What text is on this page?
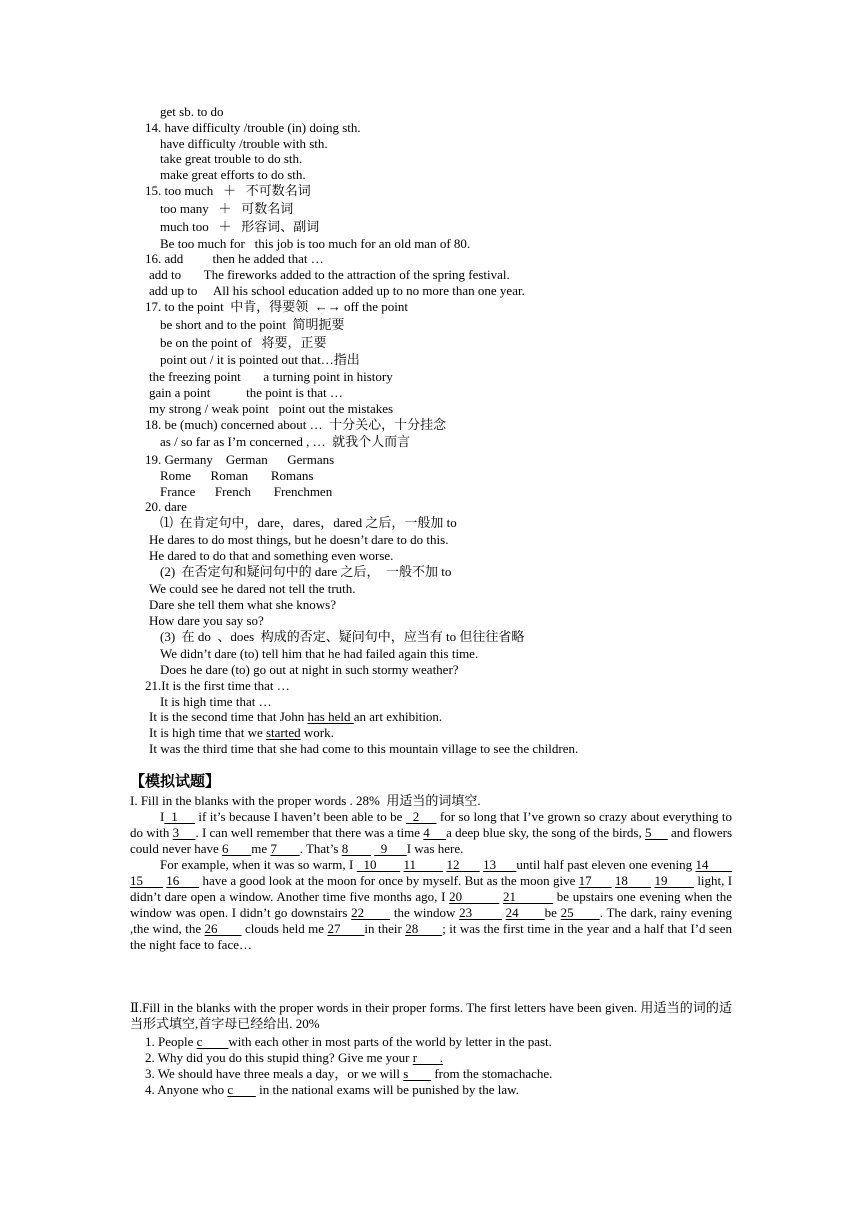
get sb. to do
14. have difficulty /trouble (in) doing sth.
have difficulty /trouble with sth.
take great trouble to do sth.
make great efforts to do sth.
15. too much   ＋   不可数名词
too many   ＋   可数名词
much too   ＋   形容词、副词
Be too much for   this job is too much for an old man of 80.
16. add         then he added that …
add to       The fireworks added to the attraction of the spring festival.
add up to     All his school education added up to no more than one year.
17. to the point  中肯，得要领  ←→ off the point
be short and to the point  简明扼要
be on the point of   将要，正要
point out / it is pointed out that…指出
the freezing point       a turning point in history
gain a point           the point is that …
my strong / weak point   point out the mistakes
18. be (much) concerned about …  十分关心，十分挂念
as / so far as I’m concerned , …  就我个人而言
19. Germany    German      Germans
Rome      Roman       Romans
France      French       Frenchmen
20. dare
⑴  在肯定句中，dare，dares，dared 之后，一般加 to
He dares to do most things, but he doesn’t dare to do this.
He dared to do that and something even worse.
(2)  在否定句和疑问句中的 dare 之后，  一般不加 to
We could see he dared not tell the truth.
Dare she tell them what she knows?
How dare you say so?
(3)  在 do  、does  构成的否定、疑问句中，应当有 to 但往往省略
We didn’t dare (to) tell him that he had failed again this time.
Does he dare (to) go out at night in such stormy weather?
21.It is the first time that …
It is high time that …
It is the second time that John has held an art exhibition.
It is high time that we started work.
It was the third time that she had come to this mountain village to see the children.
【模拟试题】
I. Fill in the blanks with the proper words . 28%  用适当的词填空.

I  1      if it’s because I haven’t been able to be   2      for so long that I’ve grown so crazy about everything to do with 3     . I can well remember that there was a time 4     a deep blue sky, the song of the birds, 5      and flowers could never have 6       me 7       . That’s 8          9      I was here.

For example, when it was so warm, I   10        11         12       13      until half past eleven one evening 14        15       16       have a good look at the moon for once by myself. But as the moon give 17       18        19         light, I didn’t dare open a window. Another time five months ago, I 20           21           be upstairs one evening when the window was open. I didn’t go downstairs 22        the window 23         24       be 25       . The dark, rainy evening ,the wind, the 26        clouds held me 27       in their 28       ; it was the first time in the year and a half that I’d seen the night face to face…

Ⅱ.Fill in the blanks with the proper words in their proper forms. The first letters have been given. 用适当的词的适当形式填空,首字母已经给出. 20%
1. People c        with each other in most parts of the world by letter in the past.
2. Why did you do this stupid thing? Give me your r       .
3. We should have three meals a day，or we will s        from the stomachache.
4. Anyone who c        in the national exams will be punished by the law.
